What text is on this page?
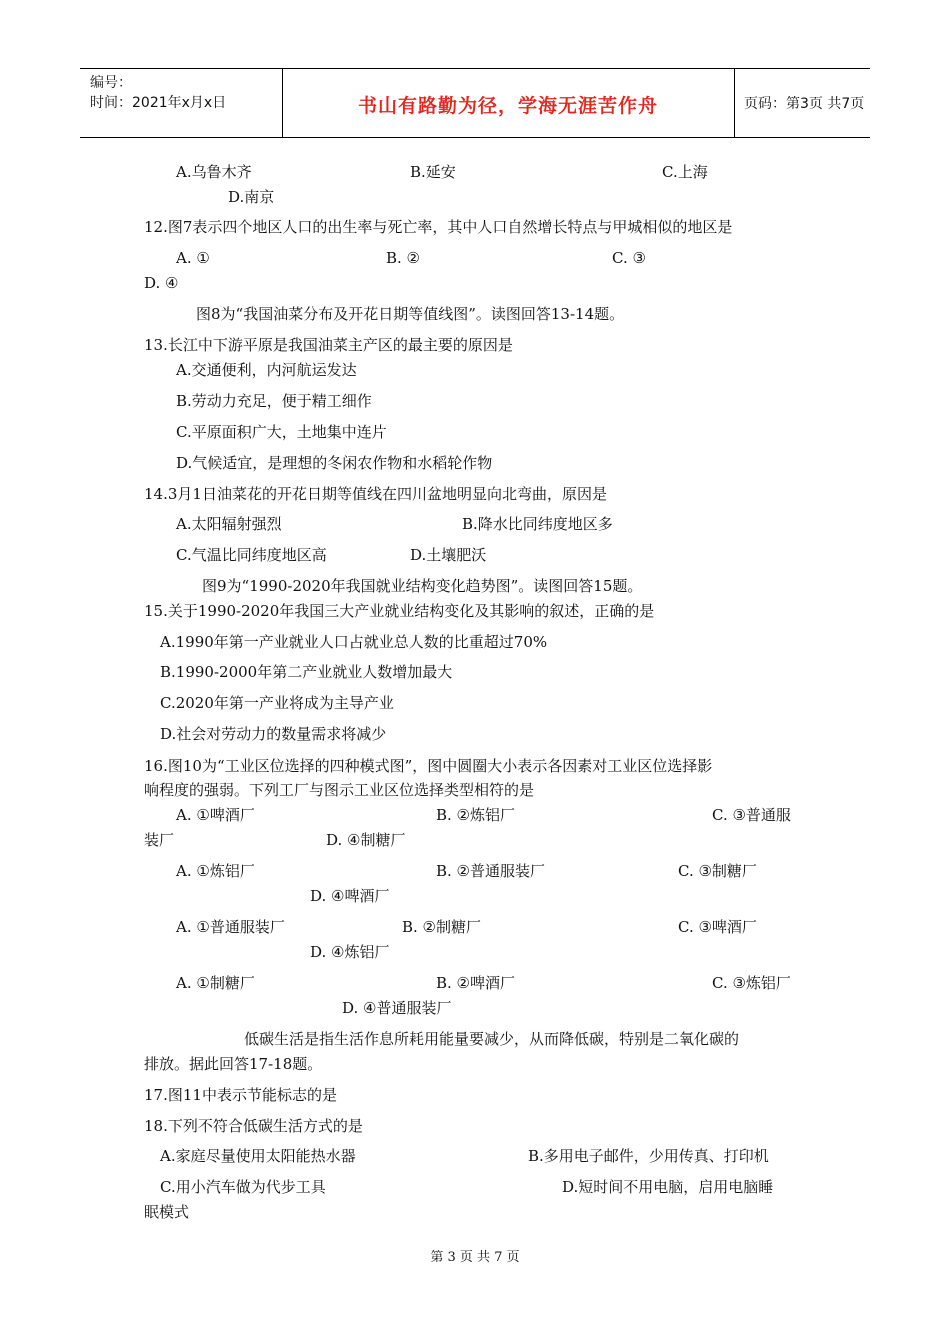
编号：
时间：2021年x月x日	书山有路勤为径，学海无涯苦作舟	页码：第3页 共7页
A.乌鲁木齐	B.延安	C.上海
D.南京
12.图7表示四个地区人口的出生率与死亡率，其中人口自然增长特点与甲城相似的地区是
A. ①	B. ②	C. ③
D. ④
图8为“我国油菜分布及开花日期等值线图”。读图回答13-14题。
13.长江中下游平原是我国油菜主产区的最主要的原因是
A.交通便利，内河航运发达
B.劳动力充足，便于精工细作
C.平原面积广大，土地集中连片
D.气候适宜，是理想的冬闲农作物和水稻轮作物
14.3月1日油菜花的开花日期等值线在四川盆地明显向北弯曲，原因是
A.太阳辐射强烈	B.降水比同纬度地区多
C.气温比同纬度地区高	D.土壤肥沃
图9为“1990-2020年我国就业结构变化趋势图”。读图回答15题。
15.关于1990-2020年我国三大产业就业结构变化及其影响的叙述，正确的是
A.1990年第一产业就业人口占就业总人数的比重超过70%
B.1990-2000年第二产业就业人数增加最大
C.2020年第一产业将成为主导产业
D.社会对劳动力的数量需求将减少
16.图10为“工业区位选择的四种模式图”，图中圆圈大小表示各因素对工业区位选择影
响程度的强弱。下列工厂与图示工业区位选择类型相符的是
A. ①啤酒厂	B. ②炼铝厂	C. ③普通服
装厂	D. ④制糖厂
A. ①炼铝厂	B. ②普通服装厂	C. ③制糖厂
D. ④啤酒厂
A. ①普通服装厂	B. ②制糖厂	C. ③啤酒厂
D. ④炼铝厂
A. ①制糖厂	B. ②啤酒厂	C. ③炼铝厂
D. ④普通服装厂
低碳生活是指生活作息所耗用能量要减少，从而降低碳，特别是二氧化碳的
排放。据此回答17-18题。
17.图11中表示节能标志的是
18.下列不符合低碳生活方式的是
A.家庭尽量使用太阳能热水器	B.多用电子邮件，少用传真、打印机
C.用小汽车做为代步工具	D.短时间不用电脑，启用电脑睡
眠模式
第 3 页 共 7 页
